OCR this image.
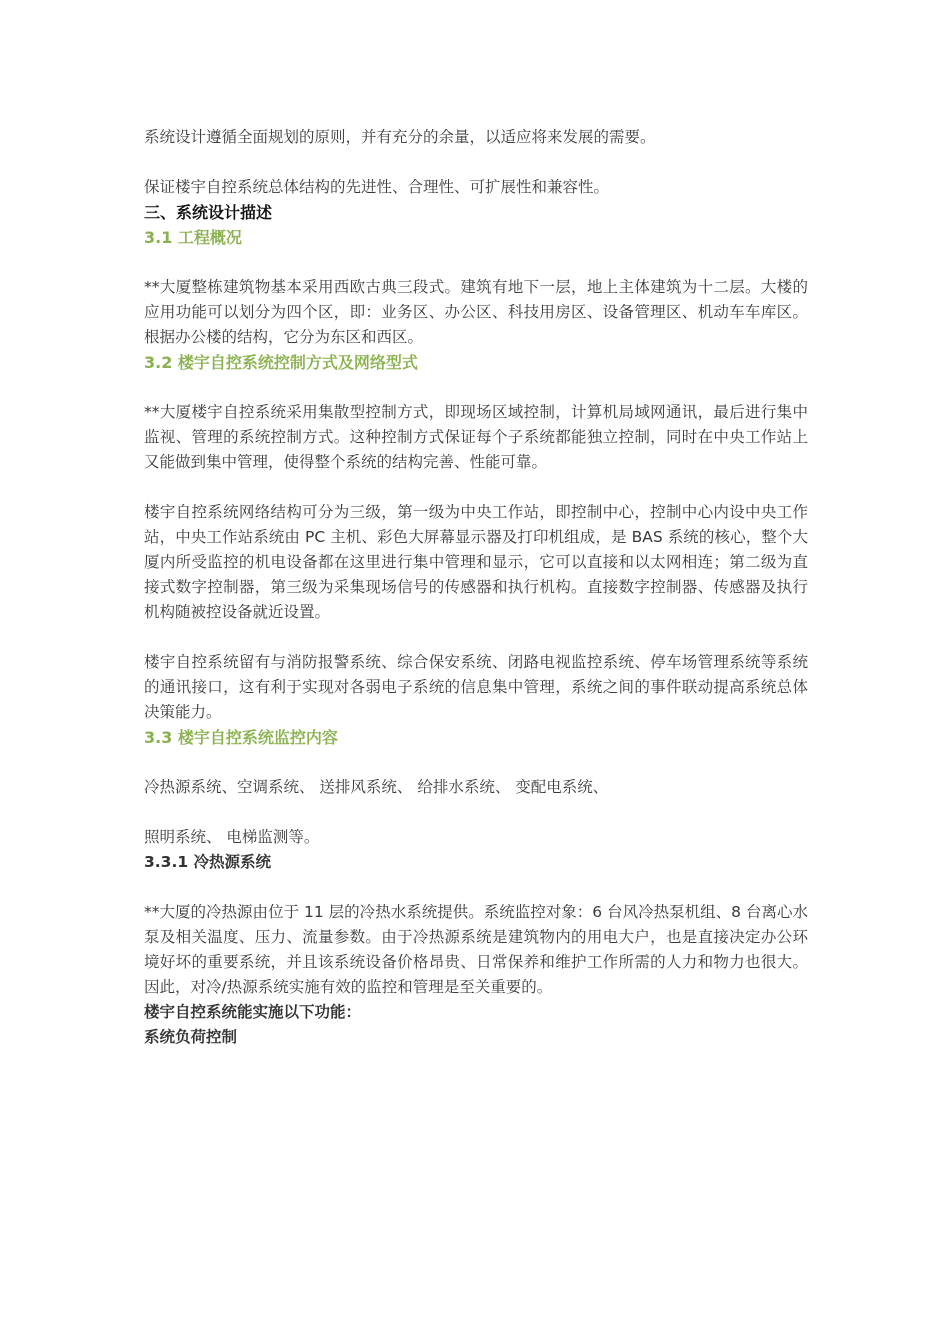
系统设计遵循全面规划的原则，并有充分的余量，以适应将来发展的需要。

保证楼宇自控系统总体结构的先进性、合理性、可扩展性和兼容性。

三、系统设计描述
3.1 工程概况

**大厦整栋建筑物基本采用西欧古典三段式。建筑有地下一层，地上主体建筑为十二层。大楼的应用功能可以划分为四个区，即：业务区、办公区、科技用房区、设备管理区、机动车车库区。根据办公楼的结构，它分为东区和西区。

3.2 楼宇自控系统控制方式及网络型式

**大厦楼宇自控系统采用集散型控制方式，即现场区域控制，计算机局域网通讯，最后进行集中监视、管理的系统控制方式。这种控制方式保证每个子系统都能独立控制，同时在中央工作站上又能做到集中管理，使得整个系统的结构完善、性能可靠。

楼宇自控系统网络结构可分为三级，第一级为中央工作站，即控制中心，控制中心内设中央工作站，中央工作站系统由 PC 主机、彩色大屏幕显示器及打印机组成，是 BAS 系统的核心，整个大厦内所受监控的机电设备都在这里进行集中管理和显示，它可以直接和以太网相连；第二级为直接式数字控制器，第三级为采集现场信号的传感器和执行机构。直接数字控制器、传感器及执行机构随被控设备就近设置。

楼宇自控系统留有与消防报警系统、综合保安系统、闭路电视监控系统、停车场管理系统等系统的通讯接口，这有利于实现对各弱电子系统的信息集中管理，系统之间的事件联动提高系统总体决策能力。

3.3 楼宇自控系统监控内容

冷热源系统、空调系统、 送排风系统、 给排水系统、 变配电系统、

照明系统、 电梯监测等。

3.3.1 冷热源系统

**大厦的冷热源由位于 11 层的冷热水系统提供。系统监控对象：6 台风冷热泵机组、8 台离心水泵及相关温度、压力、流量参数。由于冷热源系统是建筑物内的用电大户，也是直接决定办公环境好坏的重要系统，并且该系统设备价格昂贵、日常保养和维护工作所需的人力和物力也很大。因此，对冷/热源系统实施有效的监控和管理是至关重要的。

楼宇自控系统能实施以下功能：

系统负荷控制
